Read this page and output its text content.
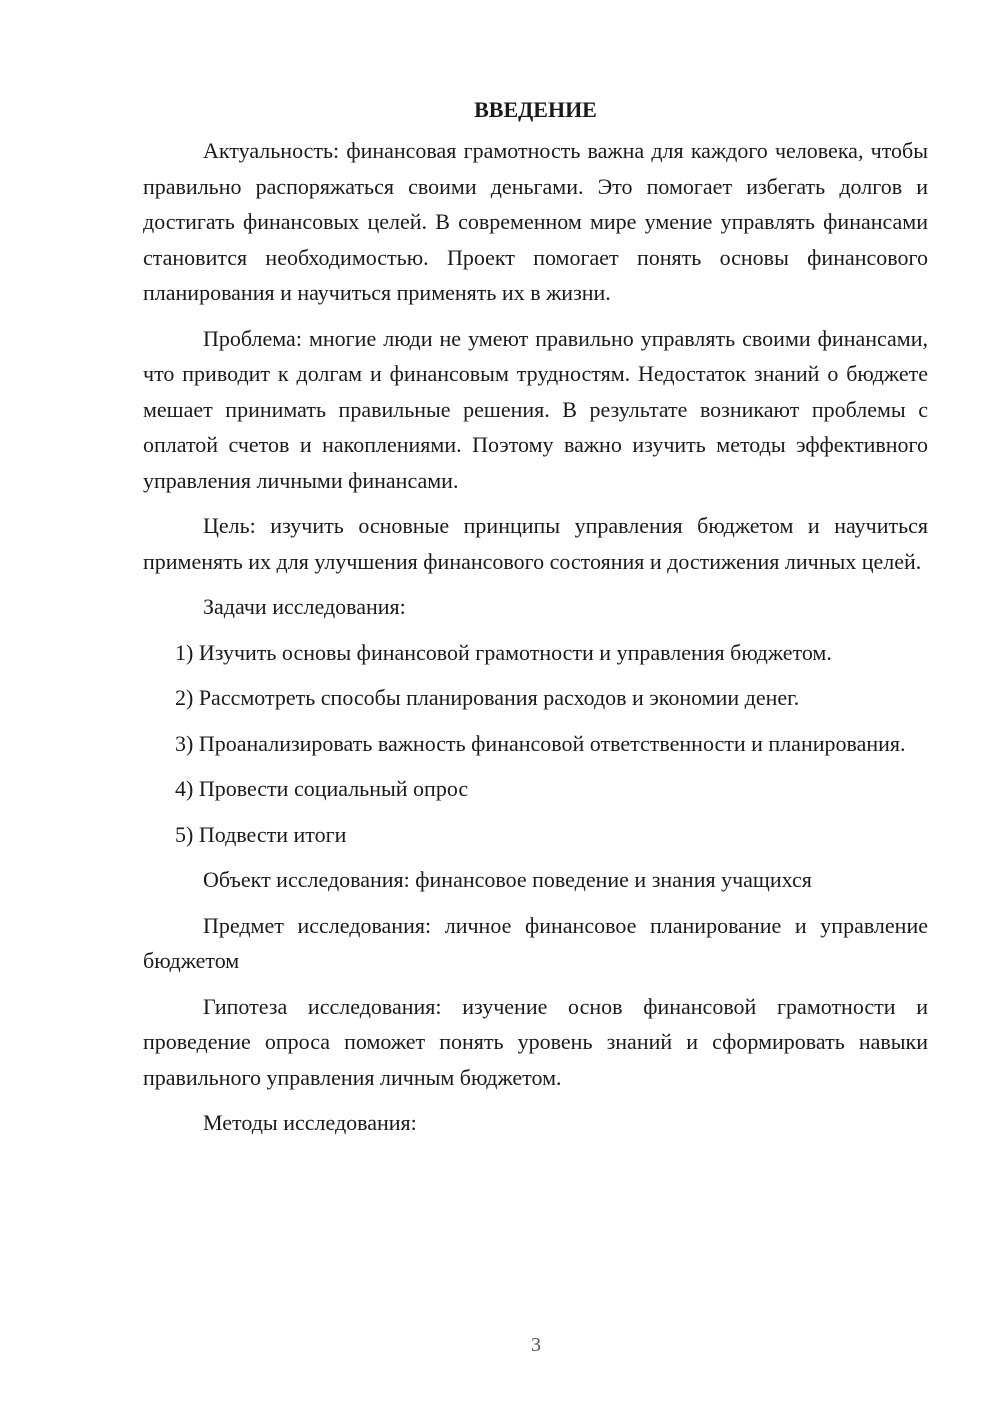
ВВЕДЕНИЕ

Актуальность: финансовая грамотность важна для каждого человека, чтобы правильно распоряжаться своими деньгами. Это помогает избегать долгов и достигать финансовых целей. В современном мире умение управлять финансами становится необходимостью. Проект помогает понять основы финансового планирования и научиться применять их в жизни.

Проблема: многие люди не умеют правильно управлять своими финансами, что приводит к долгам и финансовым трудностям. Недостаток знаний о бюджете мешает принимать правильные решения. В результате возникают проблемы с оплатой счетов и накоплениями. Поэтому важно изучить методы эффективного управления личными финансами.

Цель: изучить основные принципы управления бюджетом и научиться применять их для улучшения финансового состояния и достижения личных целей.

Задачи исследования:

1) Изучить основы финансовой грамотности и управления бюджетом.

2) Рассмотреть способы планирования расходов и экономии денег.

3) Проанализировать важность финансовой ответственности и планирования.

4) Провести социальный опрос

5) Подвести итоги

Объект исследования: финансовое поведение и знания учащихся

Предмет исследования: личное финансовое планирование и управление бюджетом

Гипотеза исследования: изучение основ финансовой грамотности и проведение опроса поможет понять уровень знаний и сформировать навыки правильного управления личным бюджетом.

Методы исследования:

3
